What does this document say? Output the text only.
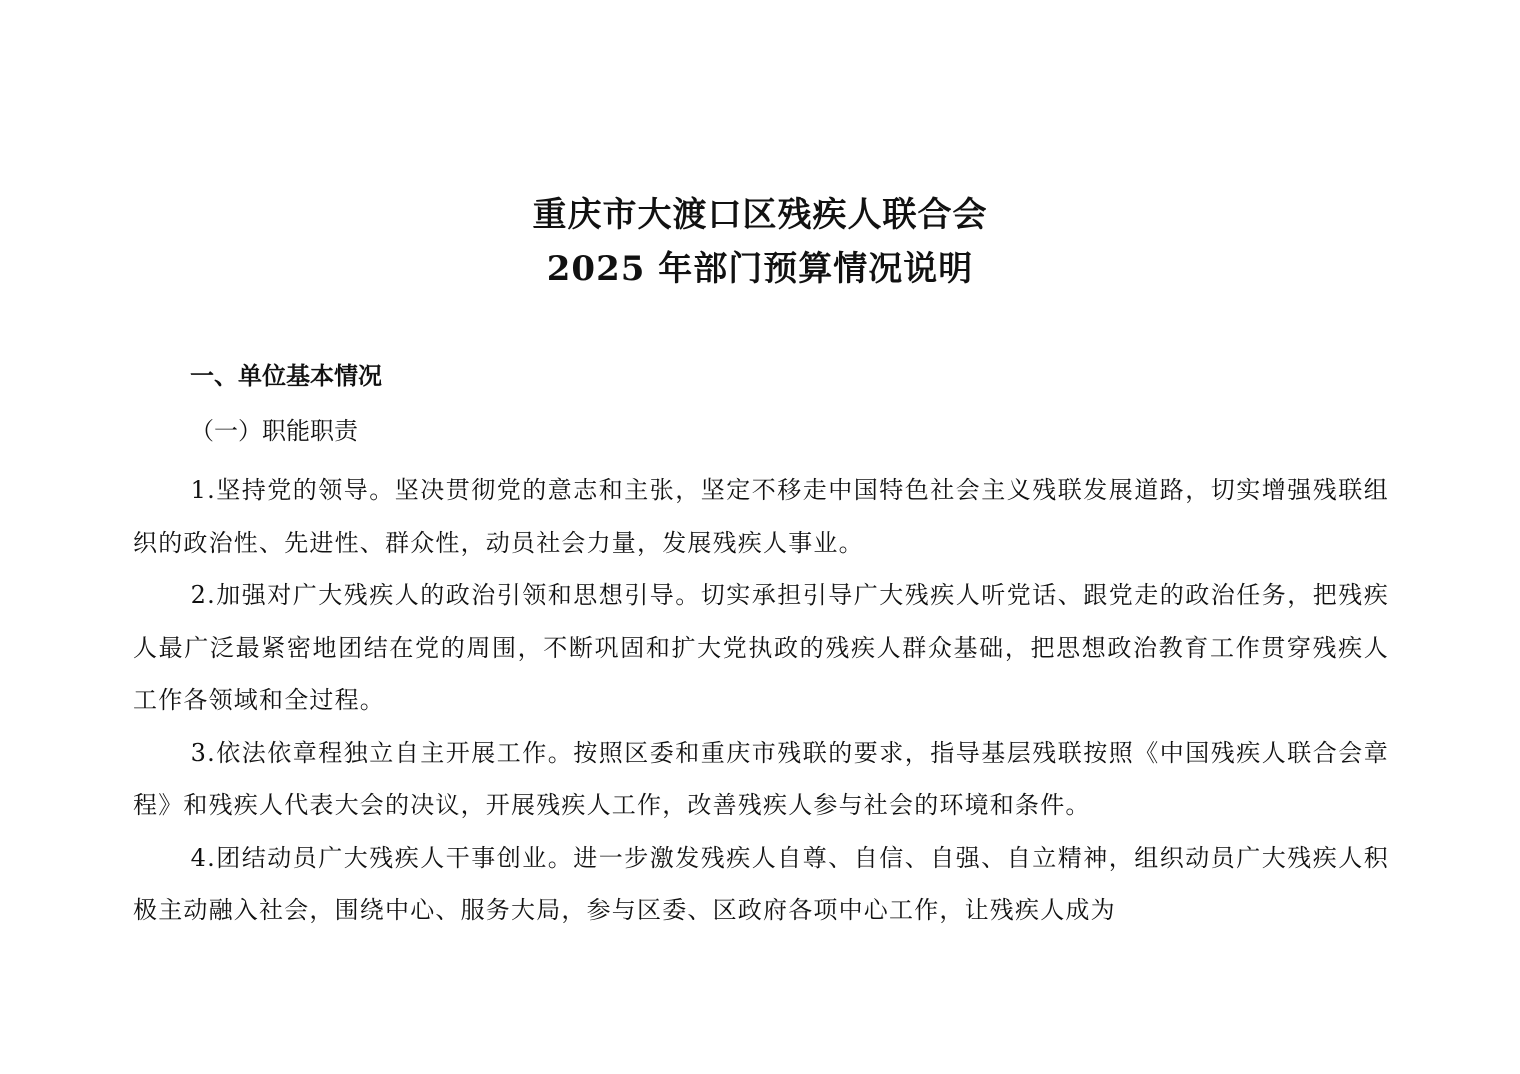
重庆市大渡口区残疾人联合会
2025 年部门预算情况说明
一、单位基本情况
（一）职能职责

1.坚持党的领导。坚决贯彻党的意志和主张，坚定不移走中国特色社会主义残联发展道路，切实增强残联组织的政治性、先进性、群众性，动员社会力量，发展残疾人事业。

2.加强对广大残疾人的政治引领和思想引导。切实承担引导广大残疾人听党话、跟党走的政治任务，把残疾人最广泛最紧密地团结在党的周围，不断巩固和扩大党执政的残疾人群众基础，把思想政治教育工作贯穿残疾人工作各领域和全过程。

3.依法依章程独立自主开展工作。按照区委和重庆市残联的要求，指导基层残联按照《中国残疾人联合会章程》和残疾人代表大会的决议，开展残疾人工作，改善残疾人参与社会的环境和条件。

4.团结动员广大残疾人干事创业。进一步激发残疾人自尊、自信、自强、自立精神，组织动员广大残疾人积极主动融入社会，围绕中心、服务大局，参与区委、区政府各项中心工作，让残疾人成为
